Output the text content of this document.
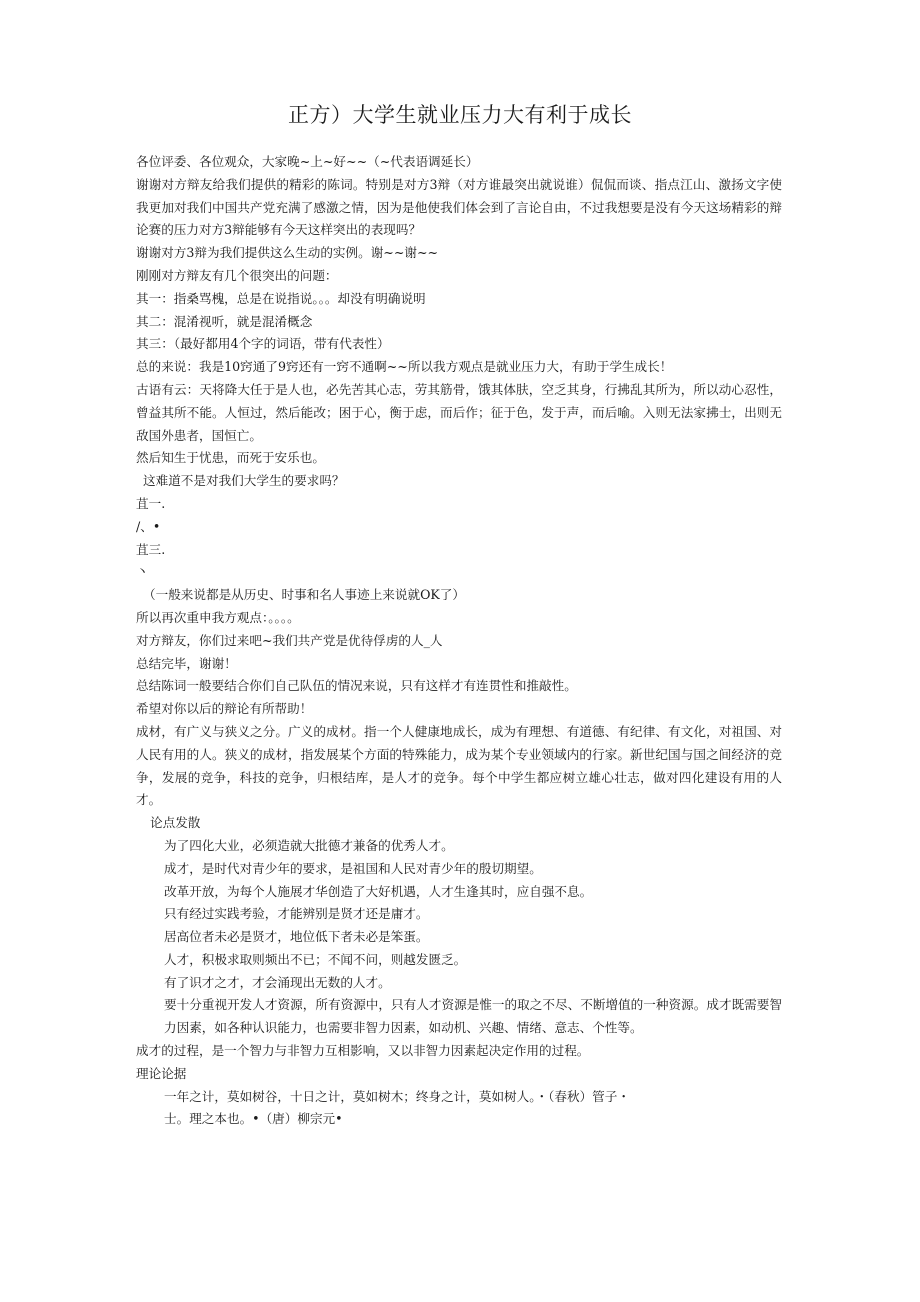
正方）大学生就业压力大有利于成长

各位评委、各位观众，大家晚~上~好~~（~代表语调延长）

谢谢对方辩友给我们提供的精彩的陈词。特别是对方3辩（对方谁最突出就说谁）侃侃而谈、指点江山、激扬文字使我更加对我们中国共产党充满了感激之情，因为是他使我们体会到了言论自由，不过我想要是没有今天这场精彩的辩论赛的压力对方3辩能够有今天这样突出的表现吗？

谢谢对方3辩为我们提供这么生动的实例。谢~~谢~~

刚刚对方辩友有几个很突出的问题：

其一：指桑骂槐，总是在说指说。。。却没有明确说明

其二：混淆视听，就是混淆概念

其三：（最好都用4个字的词语，带有代表性）

总的来说：我是10窍通了9窍还有一窍不通啊~~所以我方观点是就业压力大，有助于学生成长！

古语有云：天将降大任于是人也，必先苦其心志，劳其筋骨，饿其体肤，空乏其身，行拂乱其所为，所以动心忍性，曾益其所不能。人恒过，然后能改；困于心，衡于虑，而后作；征于色，发于声，而后喻。入则无法家拂士，出则无敌国外患者，国恒亡。

然后知生于忧患，而死于安乐也。

这难道不是对我们大学生的要求吗？

苴一.

/、•

苴三.

丶

（一般来说都是从历史、时事和名人事迹上来说就OK了）

所以再次重申我方观点：。。。。

对方辩友，你们过来吧~我们共产党是优待俘虏的人_人

总结完毕，谢谢！

总结陈词一般要结合你们自己队伍的情况来说，只有这样才有连贯性和推敲性。

希望对你以后的辩论有所帮助！

成材，有广义与狭义之分。广义的成材。指一个人健康地成长，成为有理想、有道德、有纪律、有文化，对祖国、对人民有用的人。狭义的成材，指发展某个方面的特殊能力，成为某个专业领域内的行家。新世纪国与国之间经济的竞争，发展的竞争，科技的竞争，归根结库，是人才的竞争。每个中学生都应树立雄心壮志，做对四化建设有用的人才。

论点发散

为了四化大业，必须造就大批德才兼备的优秀人才。

成才，是时代对青少年的要求，是祖国和人民对青少年的殷切期望。

改革开放，为每个人施展才华创造了大好机遇，人才生逢其时，应自强不息。

只有经过实践考验，才能辨别是贤才还是庸才。

居高位者未必是贤才，地位低下者未必是笨蛋。

人才，积极求取则频出不已；不闻不问，则越发匮乏。

有了识才之才，才会涌现出无数的人才。

要十分重视开发人才资源，所有资源中，只有人才资源是惟一的取之不尽、不断增值的一种资源。成才既需要智力因素，如各种认识能力，也需要非智力因素，如动机、兴趣、情绪、意志、个性等。

成才的过程，是一个智力与非智力互相影响，又以非智力因素起决定作用的过程。

理论论据

一年之计，莫如树谷，十日之计，莫如树木；终身之计，莫如树人。・（春秋）管子・

士。理之本也。•（唐）柳宗元•
